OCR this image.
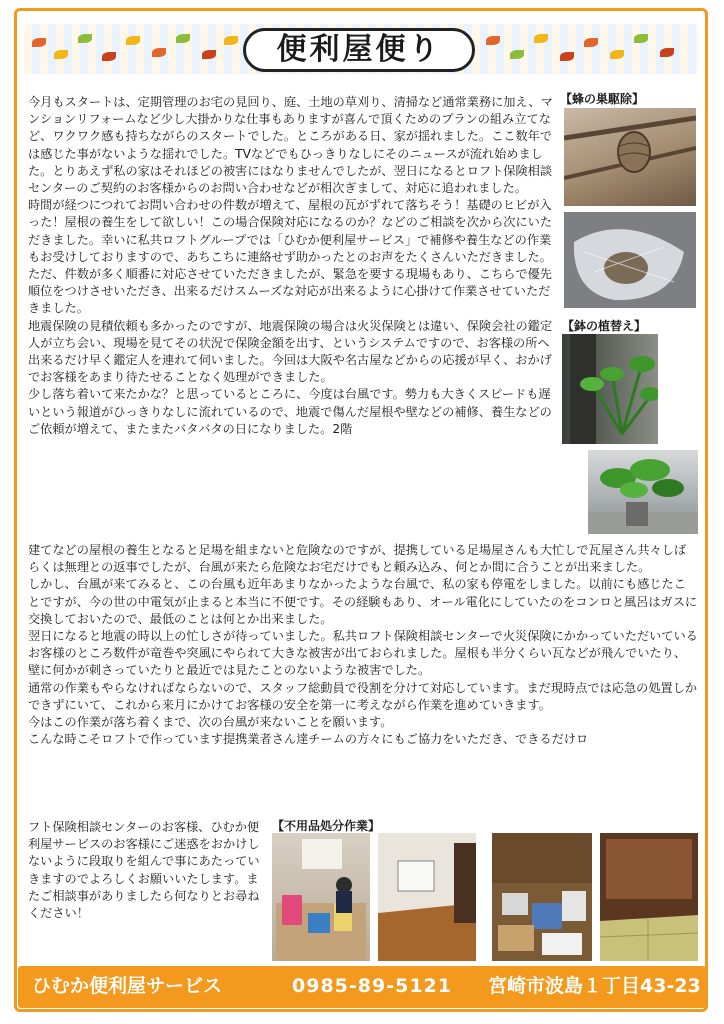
便利屋便り
今月もスタートは、定期管理のお宅の見回り、庭、土地の草刈り、清掃など通常業務に加え、マンションリフォームなど少し大掛かりな仕事もありますが喜んで頂くためのプランの組み立てなど、ワクワク感も持ちながらのスタートでした。ところがある日、家が揺れました。ここ数年では感じた事がないような揺れでした。TVなどでもひっきりなしにそのニュースが流れ始めました。とりあえず私の家はそれほどの被害にはなりませんでしたが、翌日になるとロフト保険相談センターのご契約のお客様からのお問い合わせなどが相次ぎまして、対応に追われました。
時間が経つにつれてお問い合わせの件数が増えて、屋根の瓦がずれて落ちそう！基礎のヒビが入った！屋根の養生をして欲しい！この場合保険対応になるのか？などのご相談を次から次にいただきました。幸いに私共ロフトグループでは「ひむか便利屋サービス」で補修や養生などの作業もお受けしておりますので、あちこちに連絡せず助かったとのお声をたくさんいただきました。ただ、件数が多く順番に対応させていただきましたが、緊急を要する現場もあり、こちらで優先順位をつけさせいただき、出来るだけスムーズな対応が出来るように心掛けて作業させていただきました。
地震保険の見積依頼も多かったのですが、地震保険の場合は火災保険とは違い、保険会社の鑑定人が立ち会い、現場を見てその状況で保険金額を出す、というシステムですので、お客様の所へ出来るだけ早く鑑定人を連れて伺いました。今回は大阪や名古屋などからの応援が早く、おかげでお客様をあまり待たせることなく処理ができました。
少し落ち着いて来たかな？と思っているところに、今度は台風です。勢力も大きくスピードも遅いという報道がひっきりなしに流れているので、地震で傷んだ屋根や壁などの補修、養生などのご依頼が増えて、またまたバタバタの日になりました。2階
建てなどの屋根の養生となると足場を組まないと危険なのですが、提携している足場屋さんも大忙しで瓦屋さん共々しばらくは無理との返事でしたが、台風が来たら危険なお宅だけでもと頼み込み、何とか間に合うことが出来ました。
しかし、台風が来てみると、この台風も近年あまりなかったような台風で、私の家も停電をしました。以前にも感じたことですが、今の世の中電気が止まると本当に不便です。その経験もあり、オール電化にしていたのをコンロと風呂はガスに交換しておいたので、最低のことは何とか出来ました。
翌日になると地震の時以上の忙しさが待っていました。私共ロフト保険相談センターで火災保険にかかっていただいているお客様のところ数件が竜巻や突風にやられて大きな被害が出ておられました。屋根も半分くらい瓦などが飛んでいたり、壁に何かが刺さっていたりと最近では見たことのないような被害でした。
通常の作業もやらなければならないので、スタッフ総動員で役割を分けて対応しています。まだ現時点では応急の処置しかできずにいて、これから来月にかけてお客様の安全を第一に考えながら作業を進めていきます。
今はこの作業が落ち着くまで、次の台風が来ないことを願います。
こんな時こそロフトで作っています提携業者さん達チームの方々にもご協力をいただき、できるだけロ
フト保険相談センターのお客様、ひむか便利屋サービスのお客様にご迷惑をおかけしないように段取りを組んで事にあたっていきますのでよろしくお願いいたします。またご相談事がありましたら何なりとお尋ねください！
【蜂の巣駆除】
【鉢の植替え】
【不用品処分作業】
ひむか便利屋サービス	0985-89-5121 宮崎市波島１丁目43-23
